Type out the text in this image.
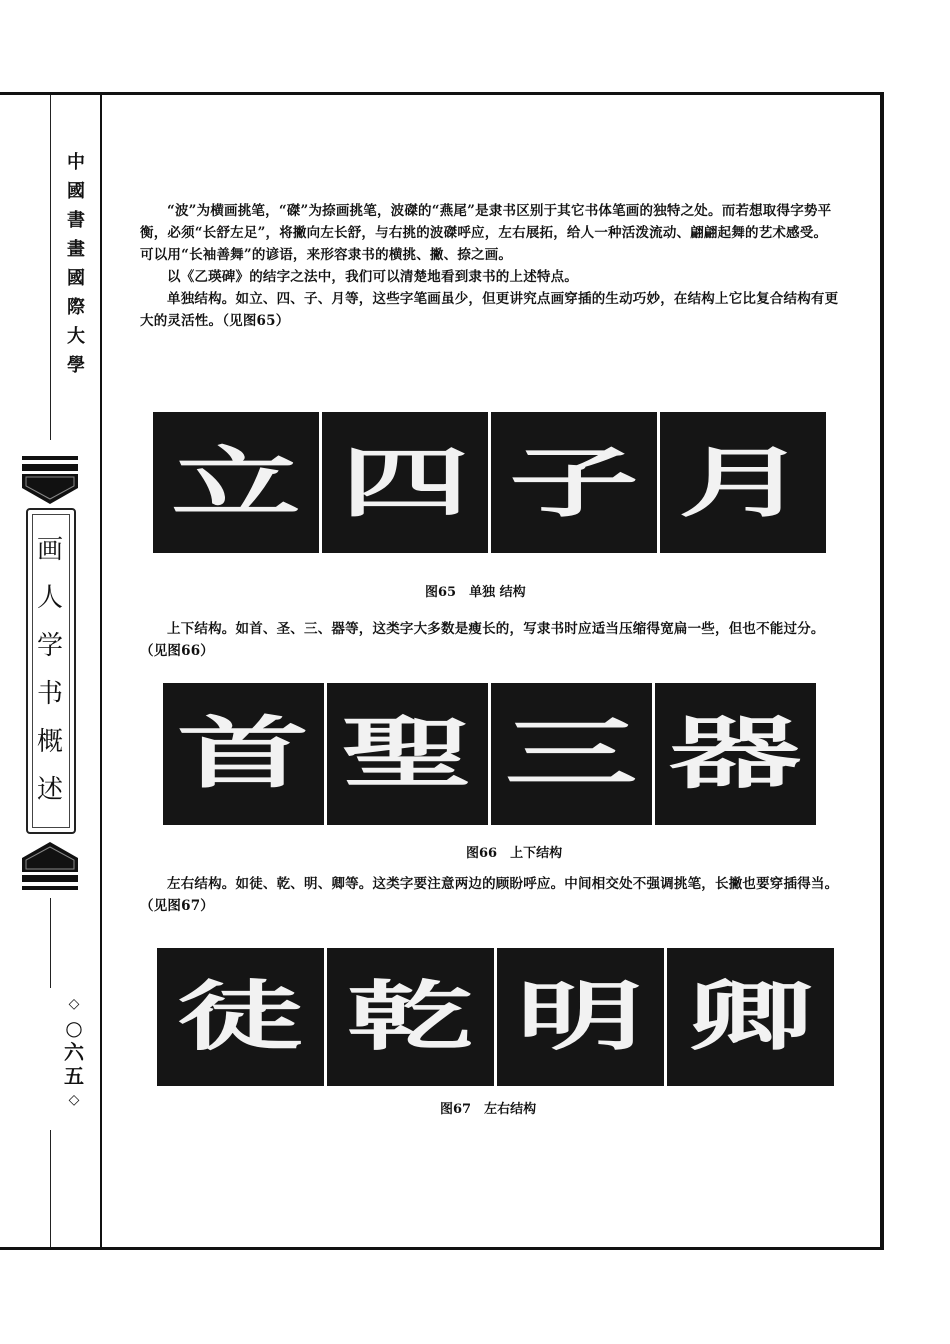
中
國
書
畫
國
際
大
學
画
人
学
书
概
述
◇
○
六
五
◇

“波”为横画挑笔，“磔”为捺画挑笔，波磔的“燕尾”是隶书区别于其它书体笔画的独特之处。而若想取得字势平衡，必须“长舒左足”，将撇向左长舒，与右挑的波磔呼应，左右展拓，给人一种活泼流动、翩翩起舞的艺术感受。可以用“长袖善舞”的谚语，来形容隶书的横挑、撇、捺之画。

以《乙瑛碑》的结字之法中，我们可以清楚地看到隶书的上述特点。

单独结构。如立、四、子、月等，这些字笔画虽少，但更讲究点画穿插的生动巧妙，在结构上它比复合结构有更大的灵活性。（见图65）

立 四 子 月
图65　单独 结构

上下结构。如首、圣、三、器等，这类字大多数是瘦长的，写隶书时应适当压缩得宽扁一些，但也不能过分。（见图66）

首 聖 三 器
图66　上下结构

左右结构。如徒、乾、明、卿等。这类字要注意两边的顾盼呼应。中间相交处不强调挑笔，长撇也要穿插得当。（见图67）

徒 乾 明 卿
图67　左右结构
